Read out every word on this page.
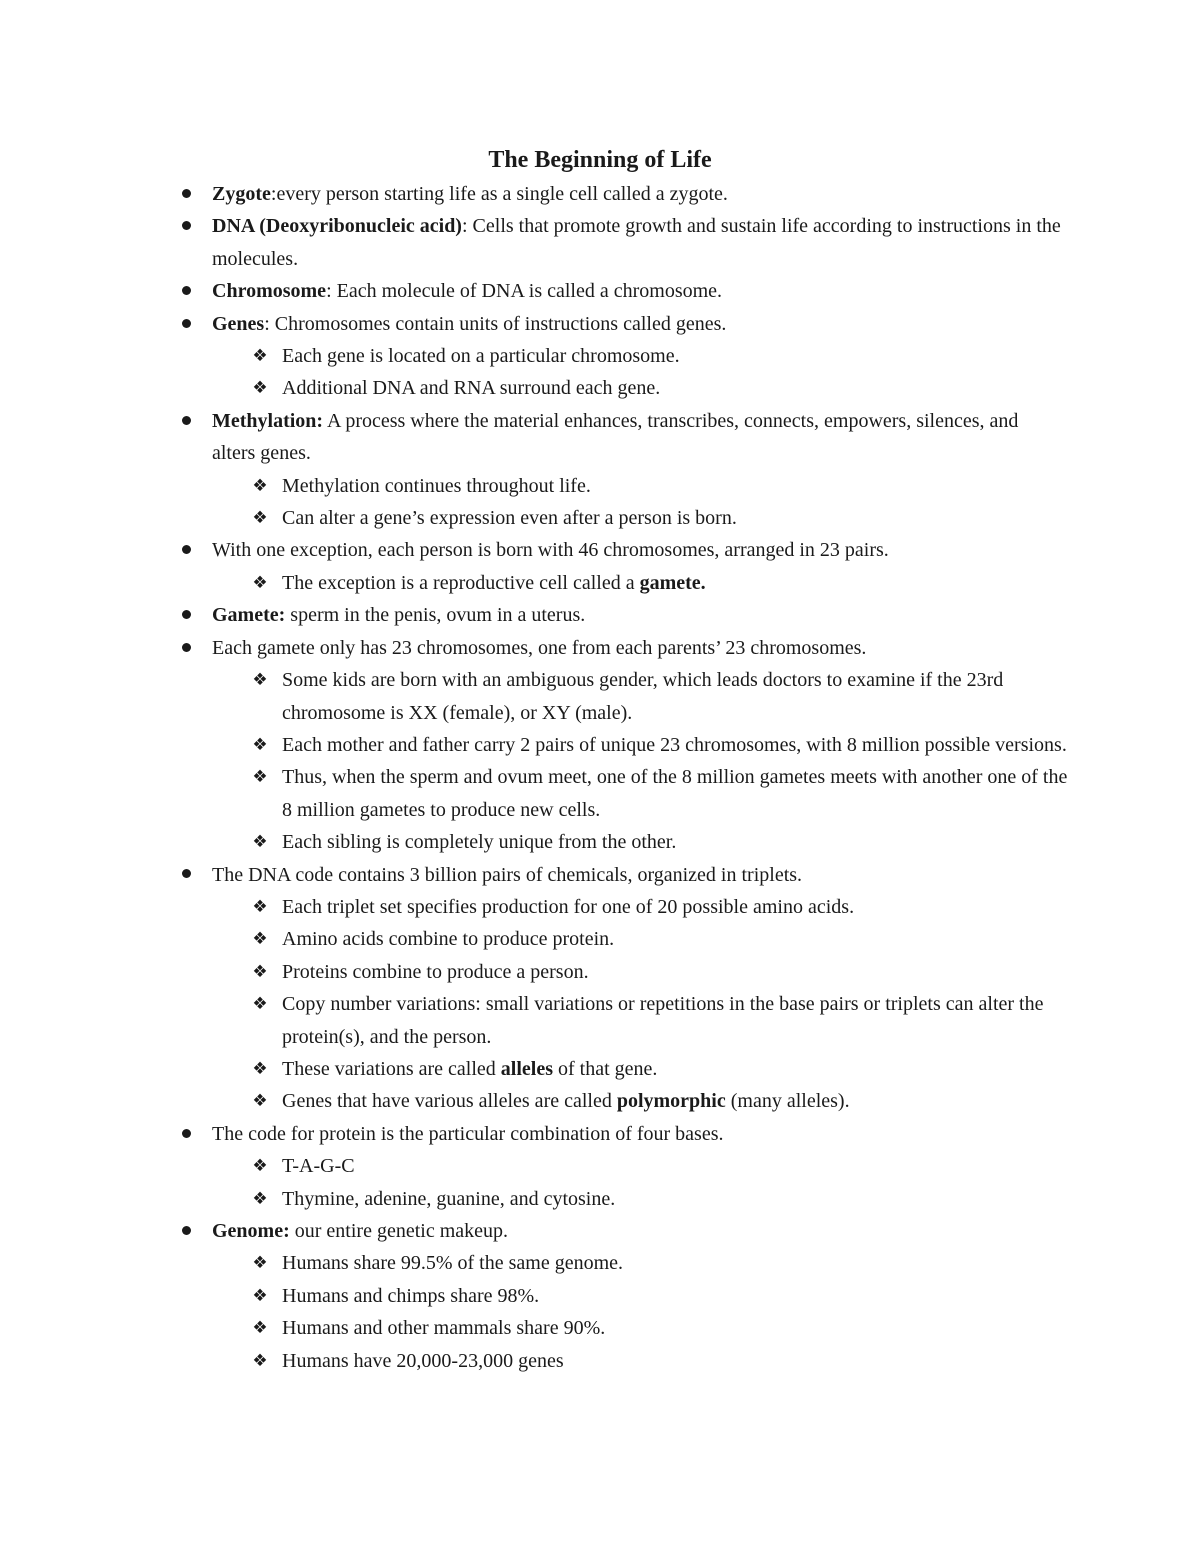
The Beginning of Life
Zygote:every person starting life as a single cell called a zygote.
DNA (Deoxyribonucleic acid): Cells that promote growth and sustain life according to instructions in the molecules.
Chromosome: Each molecule of DNA is called a chromosome.
Genes: Chromosomes contain units of instructions called genes.
❖ Each gene is located on a particular chromosome.
❖ Additional DNA and RNA surround each gene.
Methylation: A process where the material enhances, transcribes, connects, empowers, silences, and alters genes.
❖ Methylation continues throughout life.
❖ Can alter a gene’s expression even after a person is born.
With one exception, each person is born with 46 chromosomes, arranged in 23 pairs.
❖ The exception is a reproductive cell called a gamete.
Gamete: sperm in the penis, ovum in a uterus.
Each gamete only has 23 chromosomes, one from each parents’ 23 chromosomes.
❖ Some kids are born with an ambiguous gender, which leads doctors to examine if the 23rd chromosome is XX (female), or XY (male).
❖ Each mother and father carry 2 pairs of unique 23 chromosomes, with 8 million possible versions.
❖ Thus, when the sperm and ovum meet, one of the 8 million gametes meets with another one of the 8 million gametes to produce new cells.
❖ Each sibling is completely unique from the other.
The DNA code contains 3 billion pairs of chemicals, organized in triplets.
❖ Each triplet set specifies production for one of 20 possible amino acids.
❖ Amino acids combine to produce protein.
❖ Proteins combine to produce a person.
❖ Copy number variations: small variations or repetitions in the base pairs or triplets can alter the protein(s), and the person.
❖ These variations are called alleles of that gene.
❖ Genes that have various alleles are called polymorphic (many alleles).
The code for protein is the particular combination of four bases.
❖ T-A-G-C
❖ Thymine, adenine, guanine, and cytosine.
Genome: our entire genetic makeup.
❖ Humans share 99.5% of the same genome.
❖ Humans and chimps share 98%.
❖ Humans and other mammals share 90%.
❖ Humans have 20,000-23,000 genes
